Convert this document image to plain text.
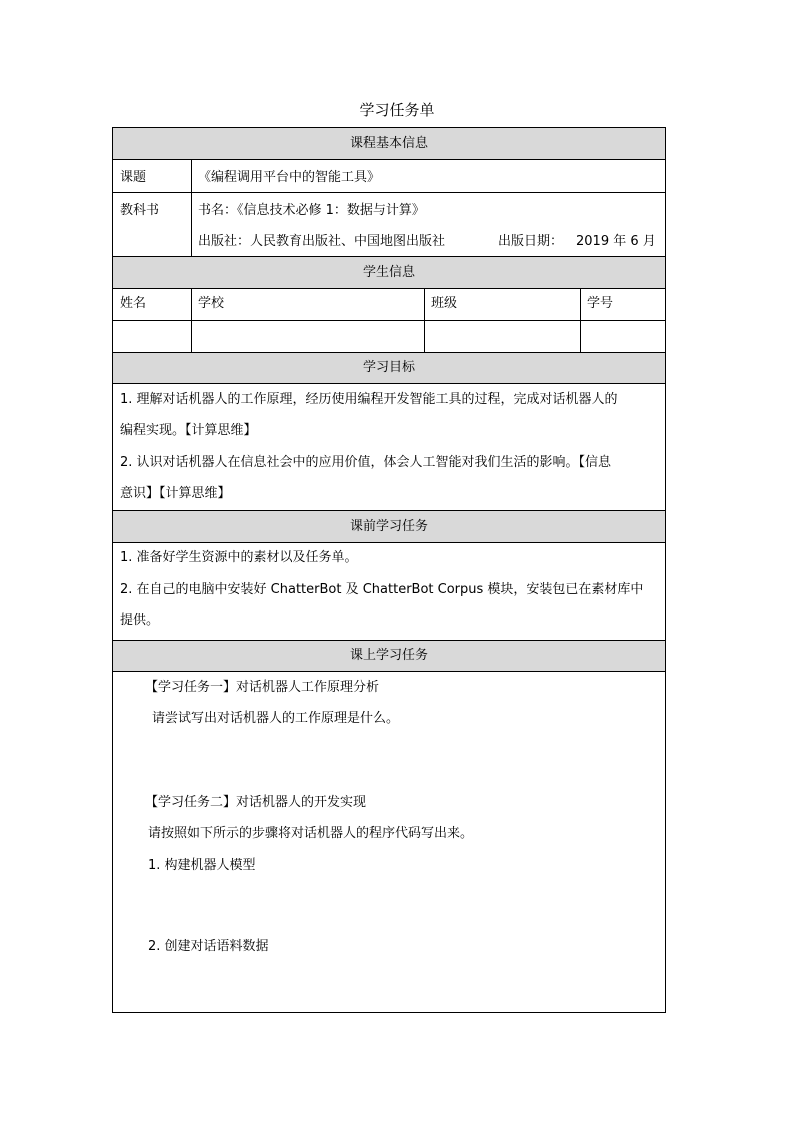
学习任务单
课程基本信息
课题	《编程调用平台中的智能工具》
教科书	书名：《信息技术必修 1：数据与计算》
出版社：人民教育出版社、中国地图出版社	出版日期： 2019 年 6 月
学生信息
姓名	学校	班级	学号
学习目标
1. 理解对话机器人的工作原理，经历使用编程开发智能工具的过程，完成对话机器人的
编程实现。【计算思维】
2. 认识对话机器人在信息社会中的应用价值，体会人工智能对我们生活的影响。【信息
意识】【计算思维】
课前学习任务
1. 准备好学生资源中的素材以及任务单。
2. 在自己的电脑中安装好 ChatterBot 及 ChatterBot Corpus 模块，安装包已在素材库中
提供。
课上学习任务
【学习任务一】对话机器人工作原理分析
请尝试写出对话机器人的工作原理是什么。
【学习任务二】对话机器人的开发实现
请按照如下所示的步骤将对话机器人的程序代码写出来。
1. 构建机器人模型
2. 创建对话语料数据
